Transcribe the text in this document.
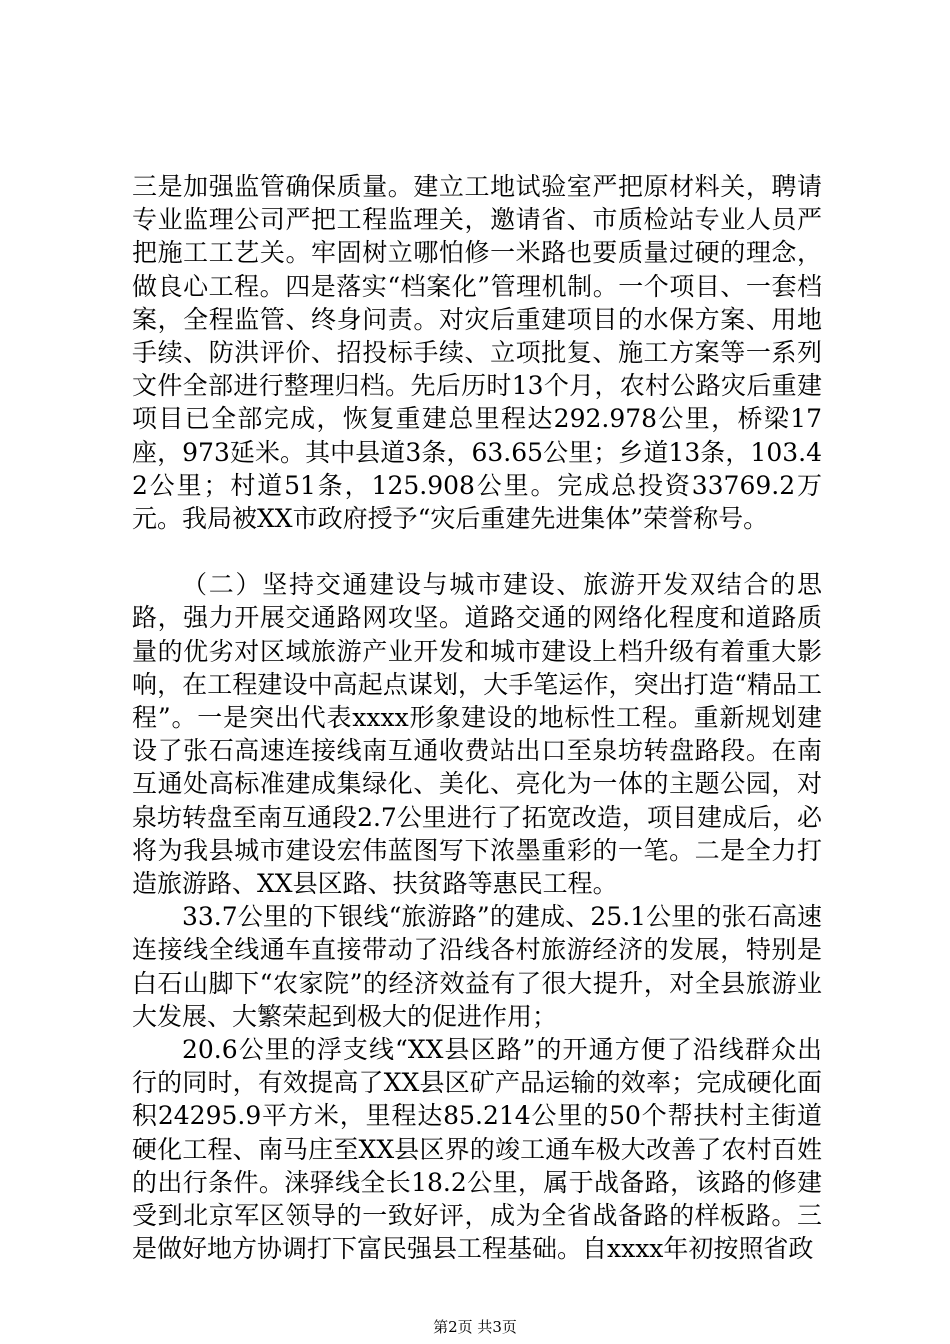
三是加强监管确保质量。建立工地试验室严把原材料关，聘请专业监理公司严把工程监理关，邀请省、市质检站专业人员严把施工工艺关。牢固树立哪怕修一米路也要质量过硬的理念，做良心工程。四是落实“档案化”管理机制。一个项目、一套档案，全程监管、终身问责。对灾后重建项目的水保方案、用地手续、防洪评价、招投标手续、立项批复、施工方案等一系列文件全部进行整理归档。先后历时13个月，农村公路灾后重建项目已全部完成，恢复重建总里程达292.978公里，桥梁17座，973延米。其中县道3条，63.65公里；乡道13条，103.42公里；村道51条，125.908公里。完成总投资33769.2万元。我局被XX市政府授予“灾后重建先进集体”荣誉称号。

（二）坚持交通建设与城市建设、旅游开发双结合的思路，强力开展交通路网攻坚。道路交通的网络化程度和道路质量的优劣对区域旅游产业开发和城市建设上档升级有着重大影响，在工程建设中高起点谋划，大手笔运作，突出打造“精品工程”。一是突出代表xxxx形象建设的地标性工程。重新规划建设了张石高速连接线南互通收费站出口至泉坊转盘路段。在南互通处高标准建成集绿化、美化、亮化为一体的主题公园，对泉坊转盘至南互通段2.7公里进行了拓宽改造，项目建成后，必将为我县城市建设宏伟蓝图写下浓墨重彩的一笔。二是全力打造旅游路、XX县区路、扶贫路等惠民工程。

33.7公里的下银线“旅游路”的建成、25.1公里的张石高速连接线全线通车直接带动了沿线各村旅游经济的发展，特别是白石山脚下“农家院”的经济效益有了很大提升，对全县旅游业大发展、大繁荣起到极大的促进作用；

20.6公里的浮支线“XX县区路”的开通方便了沿线群众出行的同时，有效提高了XX县区矿产品运输的效率；完成硬化面积24295.9平方米，里程达85.214公里的50个帮扶村主街道硬化工程、南马庄至XX县区界的竣工通车极大改善了农村百姓的出行条件。涞驿线全长18.2公里，属于战备路，该路的修建受到北京军区领导的一致好评，成为全省战备路的样板路。三是做好地方协调打下富民强县工程基础。自xxxx年初按照省政

第2页 共3页
